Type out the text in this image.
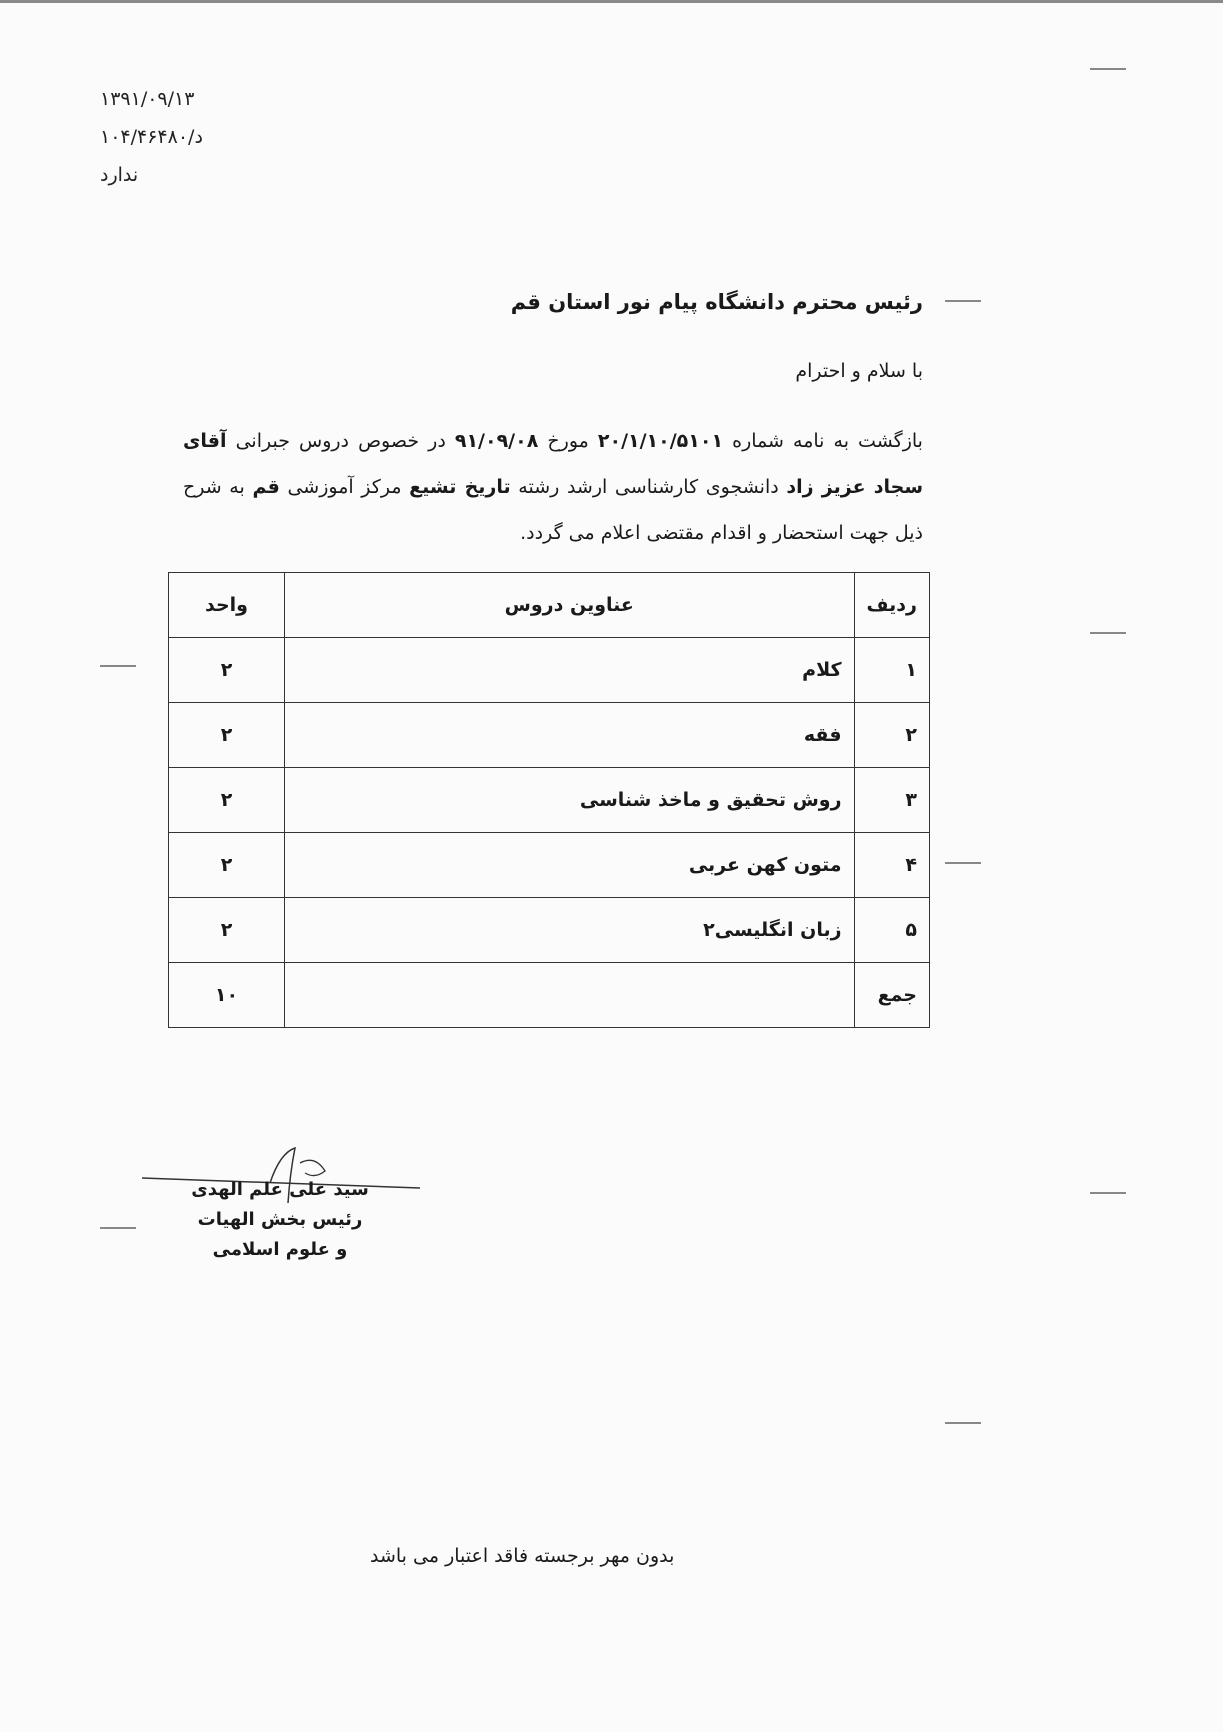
۱۳۹۱/۰۹/۱۳
د/۱۰۴/۴۶۴۸۰
ندارد
رئیس محترم دانشگاه پیام نور استان قم
با سلام و احترام
بازگشت به نامه شماره ۲۰/۱/۱۰/۵۱۰۱ مورخ ۹۱/۰۹/۰۸ در خصوص دروس جبرانی آقای سجاد عزیز زاد دانشجوی کارشناسی ارشد رشته تاریخ تشیع مرکز آموزشی قم به شرح ذیل جهت استحضار و اقدام مقتضی اعلام می گردد.
ردیف	عناوین دروس	واحد
۱	کلام	۲
۲	فقه	۲
۳	روش تحقیق و ماخذ شناسی	۲
۴	متون کهن عربی	۲
۵	زبان انگلیسی۲	۲
جمع		۱۰
سید علی علم الهدی
رئیس بخش الهیات
و علوم اسلامی
بدون مهر برجسته فاقد اعتبار می باشد
